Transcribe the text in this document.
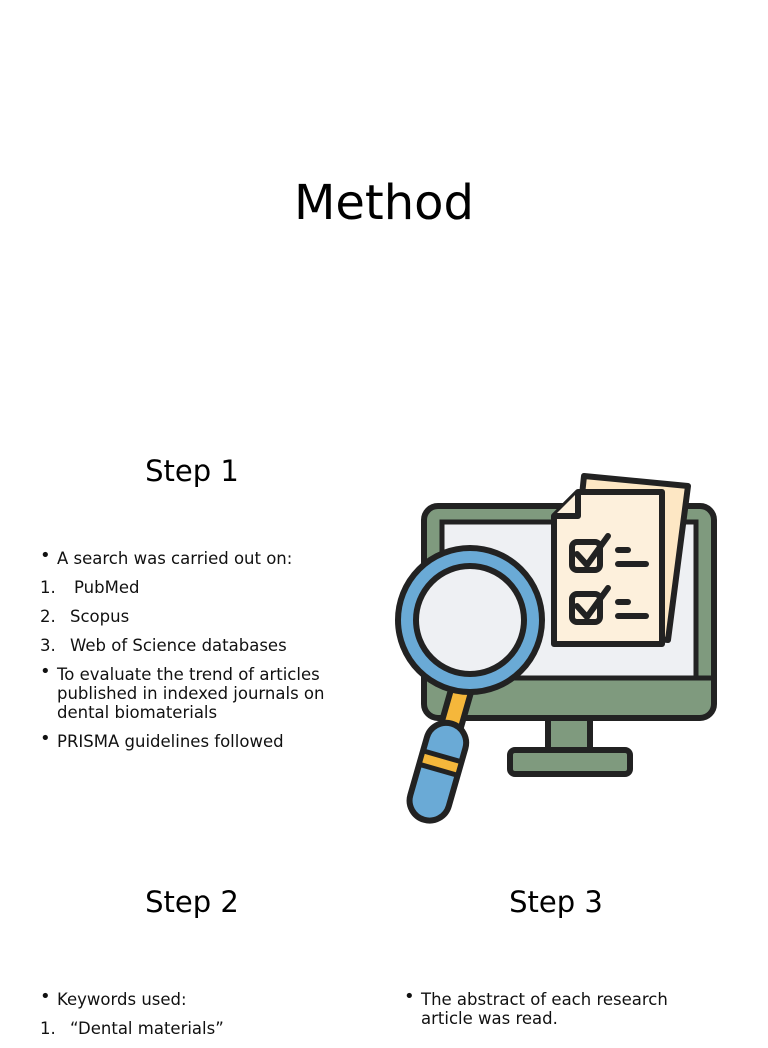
Method
Step 1
• A search was carried out on:
1. PubMed
2. Scopus
3. Web of Science databases
• To evaluate the trend of articles published in indexed journals on dental biomaterials
• PRISMA guidelines followed
Step 2
• Keywords used:
1. “Dental materials”
Step 3
• The abstract of each research article was read.
